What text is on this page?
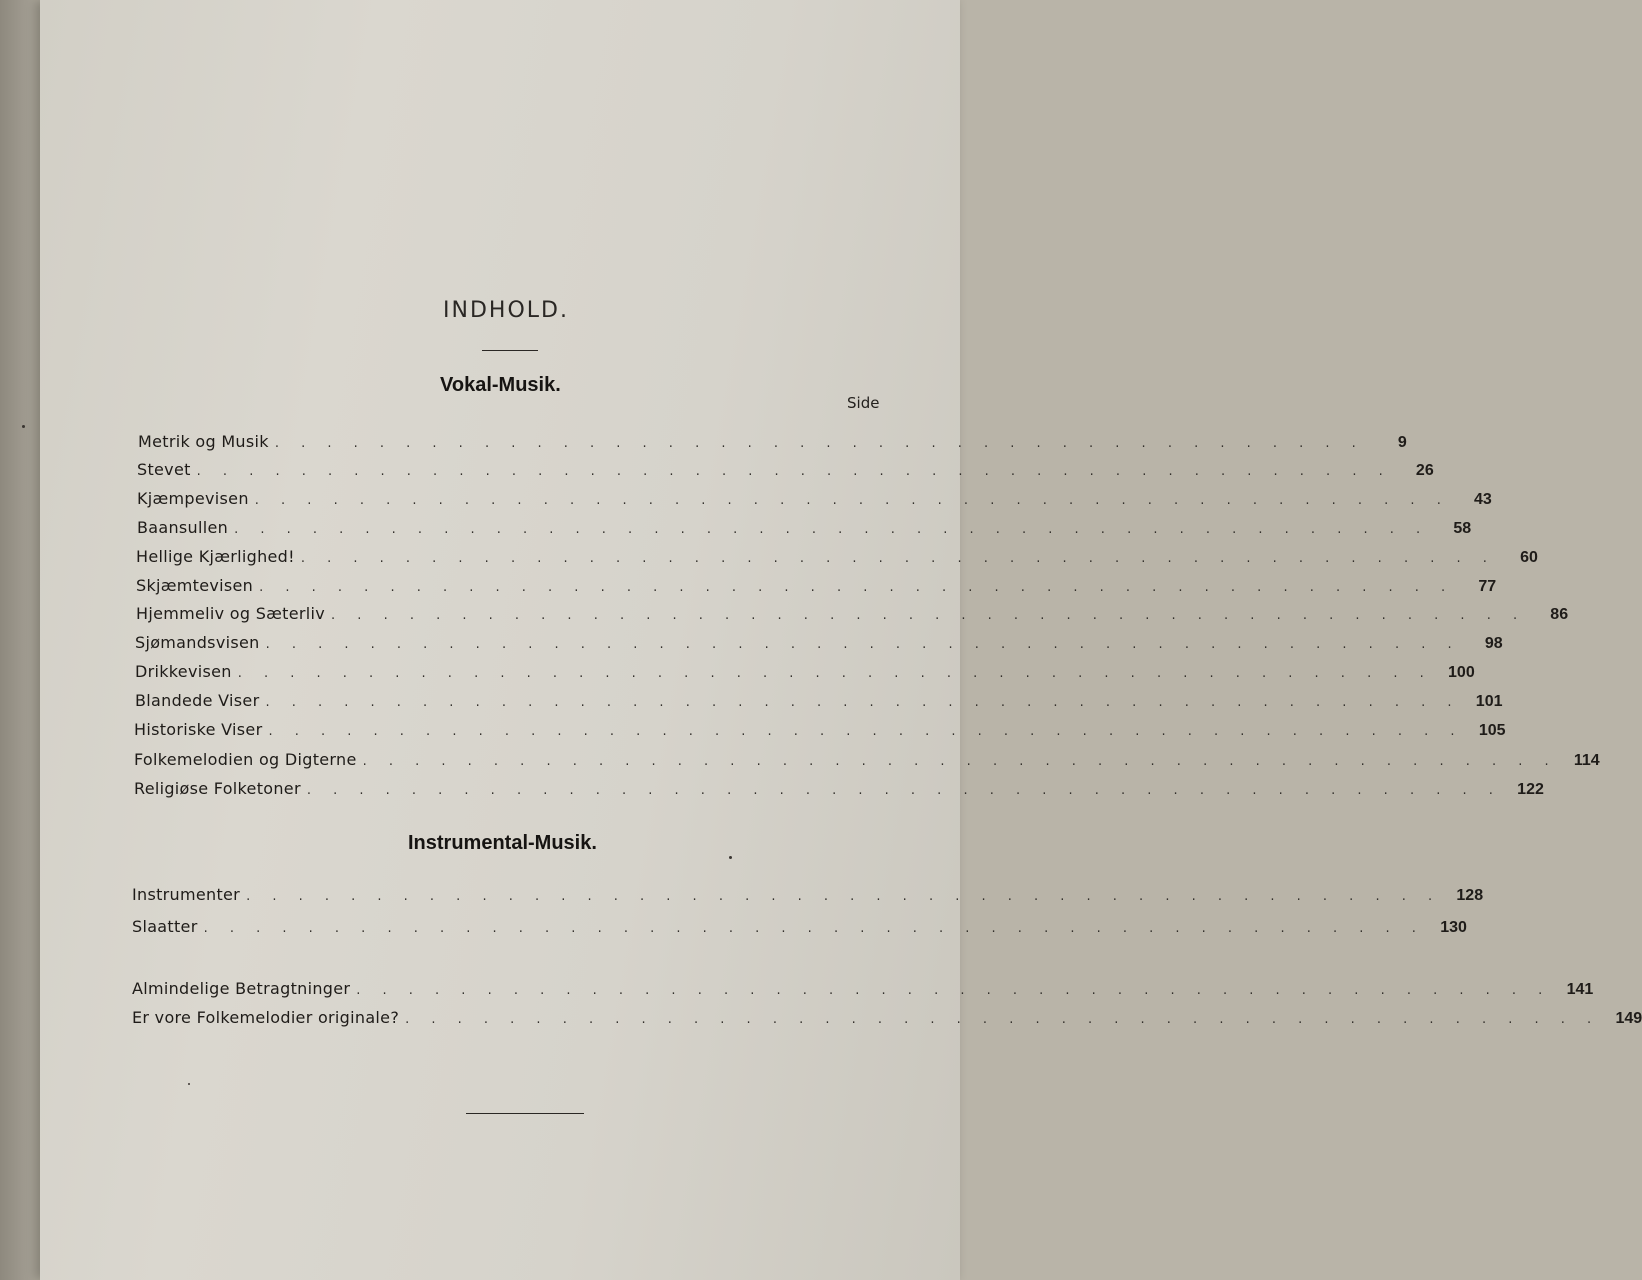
INDHOLD.
Vokal-Musik.
Side
Metrik og Musik . . . . . . . . . . . . . . . . . . . . . . . . . . . . . . . . . . . . . . . . . .	9
Stevet . . . . . . . . . . . . . . . . . . . . . . . . . . . . . . . . . . . . . . . . . . . . . .	26
Kjæmpevisen . . . . . . . . . . . . . . . . . . . . . . . . . . . . . . . . . . . . . . . . . . . . . .	43
Baansullen . . . . . . . . . . . . . . . . . . . . . . . . . . . . . . . . . . . . . . . . . . . . . .	58
Hellige Kjærlighed! . . . . . . . . . . . . . . . . . . . . . . . . . . . . . . . . . . . . . . . . . . . . . .	60
Skjæmtevisen . . . . . . . . . . . . . . . . . . . . . . . . . . . . . . . . . . . . . . . . . . . . . .	77
Hjemmeliv og Sæterliv . . . . . . . . . . . . . . . . . . . . . . . . . . . . . . . . . . . . . . . . . . . . . .	86
Sjømandsvisen . . . . . . . . . . . . . . . . . . . . . . . . . . . . . . . . . . . . . . . . . . . . . .	98
Drikkevisen . . . . . . . . . . . . . . . . . . . . . . . . . . . . . . . . . . . . . . . . . . . . . . 100
Blandede Viser . . . . . . . . . . . . . . . . . . . . . . . . . . . . . . . . . . . . . . . . . . . . . . 101
Historiske Viser . . . . . . . . . . . . . . . . . . . . . . . . . . . . . . . . . . . . . . . . . . . . . . 105
Folkemelodien og Digterne . . . . . . . . . . . . . . . . . . . . . . . . . . . . . . . . . . . . . . . . . . . . . .	114
Religiøse Folketoner . . . . . . . . . . . . . . . . . . . . . . . . . . . . . . . . . . . . . . . . . . . . . . 122
Instrumental-Musik.
Instrumenter . . . . . . . . . . . . . . . . . . . . . . . . . . . . . . . . . . . . . . . . . . . . . . 128
Slaatter . . . . . . . . . . . . . . . . . . . . . . . . . . . . . . . . . . . . . . . . . . . . . . . 130
Almindelige Betragtninger . . . . . . . . . . . . . . . . . . . . . . . . . . . . . . . . . . . . . . . . . . . . . . 141
Er vore Folkemelodier originale? . . . . . . . . . . . . . . . . . . . . . . . . . . . . . . . . . . . . . . . . . . . . . . 149
